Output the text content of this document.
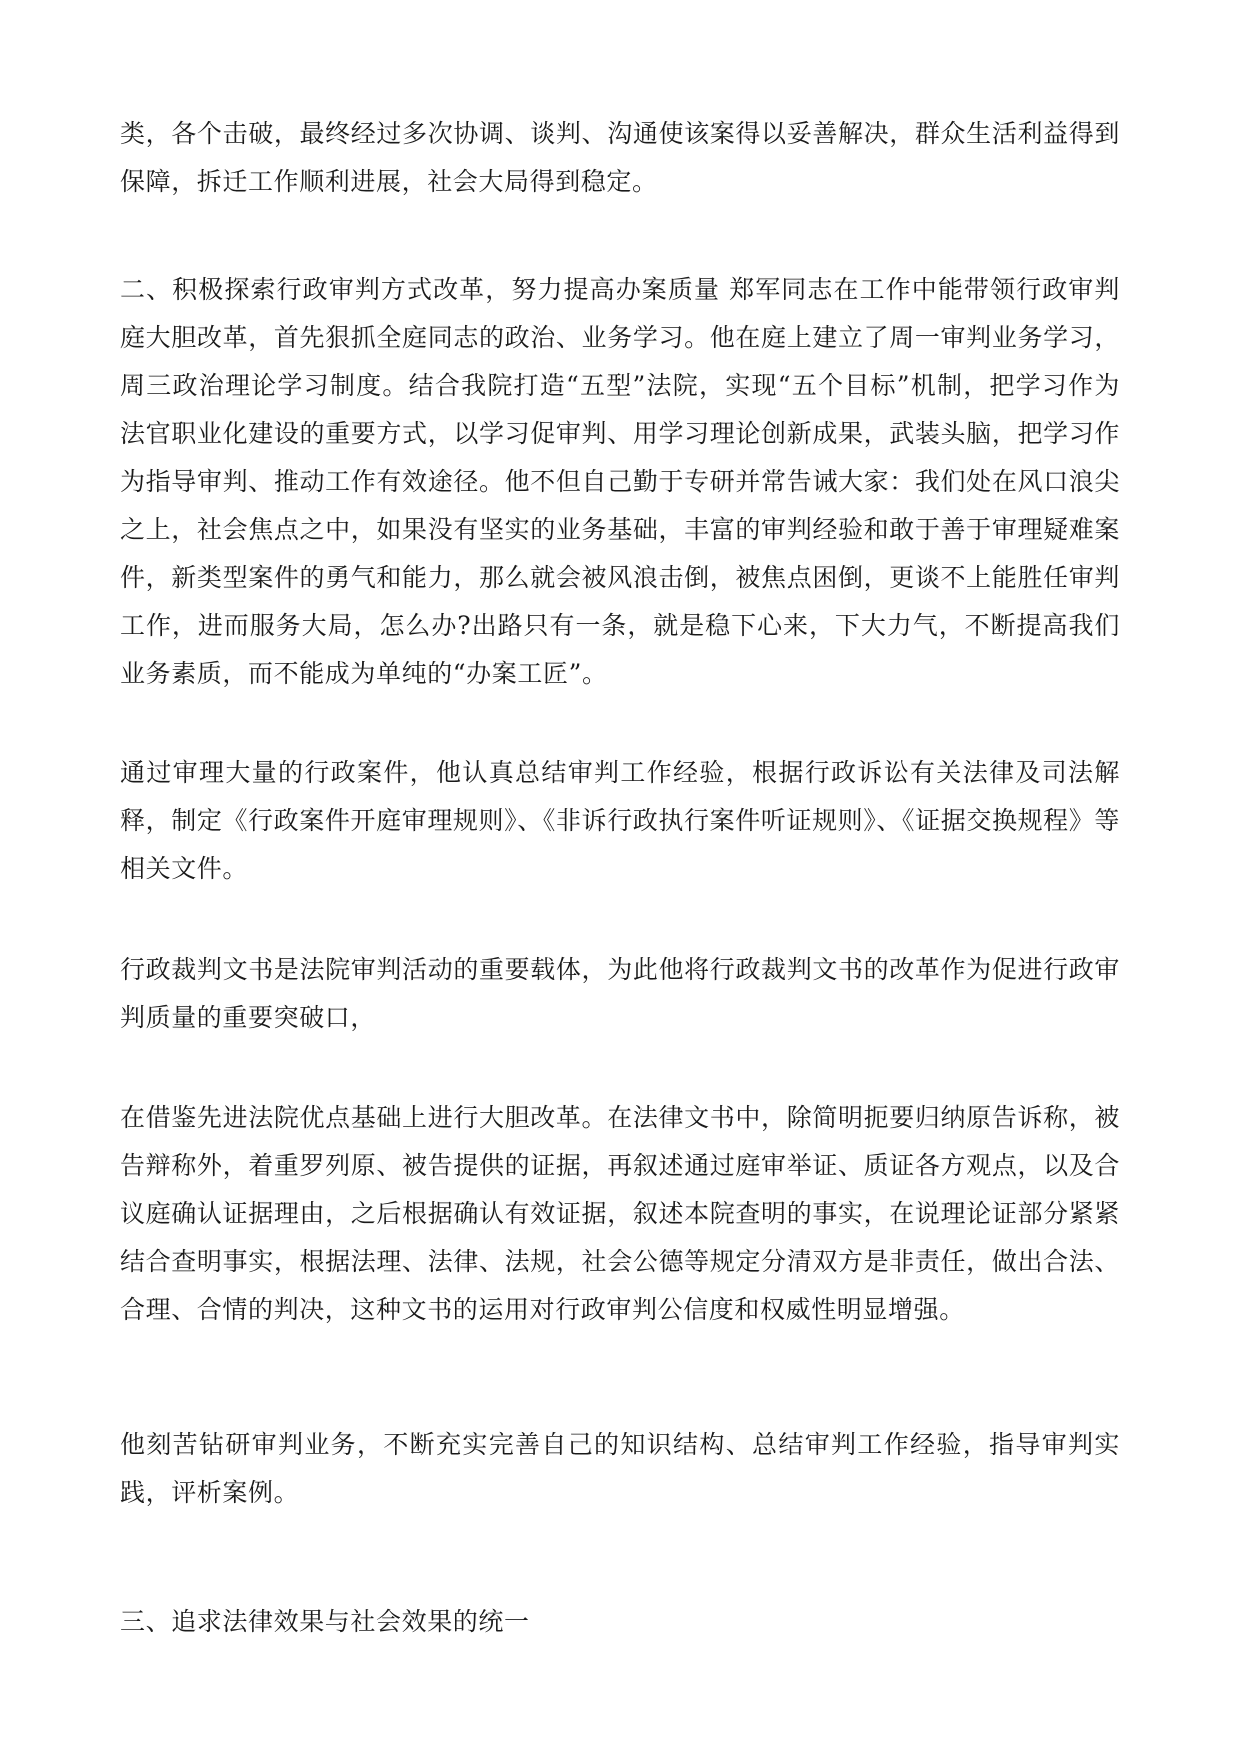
类，各个击破，最终经过多次协调、谈判、沟通使该案得以妥善解决，群众生活利益得到保障，拆迁工作顺利进展，社会大局得到稳定。

二、积极探索行政审判方式改革，努力提高办案质量 郑军同志在工作中能带领行政审判庭大胆改革，首先狠抓全庭同志的政治、业务学习。他在庭上建立了周一审判业务学习，周三政治理论学习制度。结合我院打造“五型”法院，实现“五个目标”机制，把学习作为法官职业化建设的重要方式，以学习促审判、用学习理论创新成果，武装头脑，把学习作为指导审判、推动工作有效途径。他不但自己勤于专研并常告诫大家：我们处在风口浪尖之上，社会焦点之中，如果没有坚实的业务基础，丰富的审判经验和敢于善于审理疑难案件，新类型案件的勇气和能力，那么就会被风浪击倒，被焦点困倒，更谈不上能胜任审判工作，进而服务大局，怎么办?出路只有一条，就是稳下心来，下大力气，不断提高我们业务素质，而不能成为单纯的“办案工匠”。

通过审理大量的行政案件，他认真总结审判工作经验，根据行政诉讼有关法律及司法解释，制定《行政案件开庭审理规则》、《非诉行政执行案件听证规则》、《证据交换规程》等相关文件。

行政裁判文书是法院审判活动的重要载体，为此他将行政裁判文书的改革作为促进行政审判质量的重要突破口，

在借鉴先进法院优点基础上进行大胆改革。在法律文书中，除简明扼要归纳原告诉称，被告辩称外，着重罗列原、被告提供的证据，再叙述通过庭审举证、质证各方观点，以及合议庭确认证据理由，之后根据确认有效证据，叙述本院查明的事实，在说理论证部分紧紧结合查明事实，根据法理、法律、法规，社会公德等规定分清双方是非责任，做出合法、合理、合情的判决，这种文书的运用对行政审判公信度和权威性明显增强。

他刻苦钻研审判业务，不断充实完善自己的知识结构、总结审判工作经验，指导审判实践，评析案例。

三、追求法律效果与社会效果的统一
